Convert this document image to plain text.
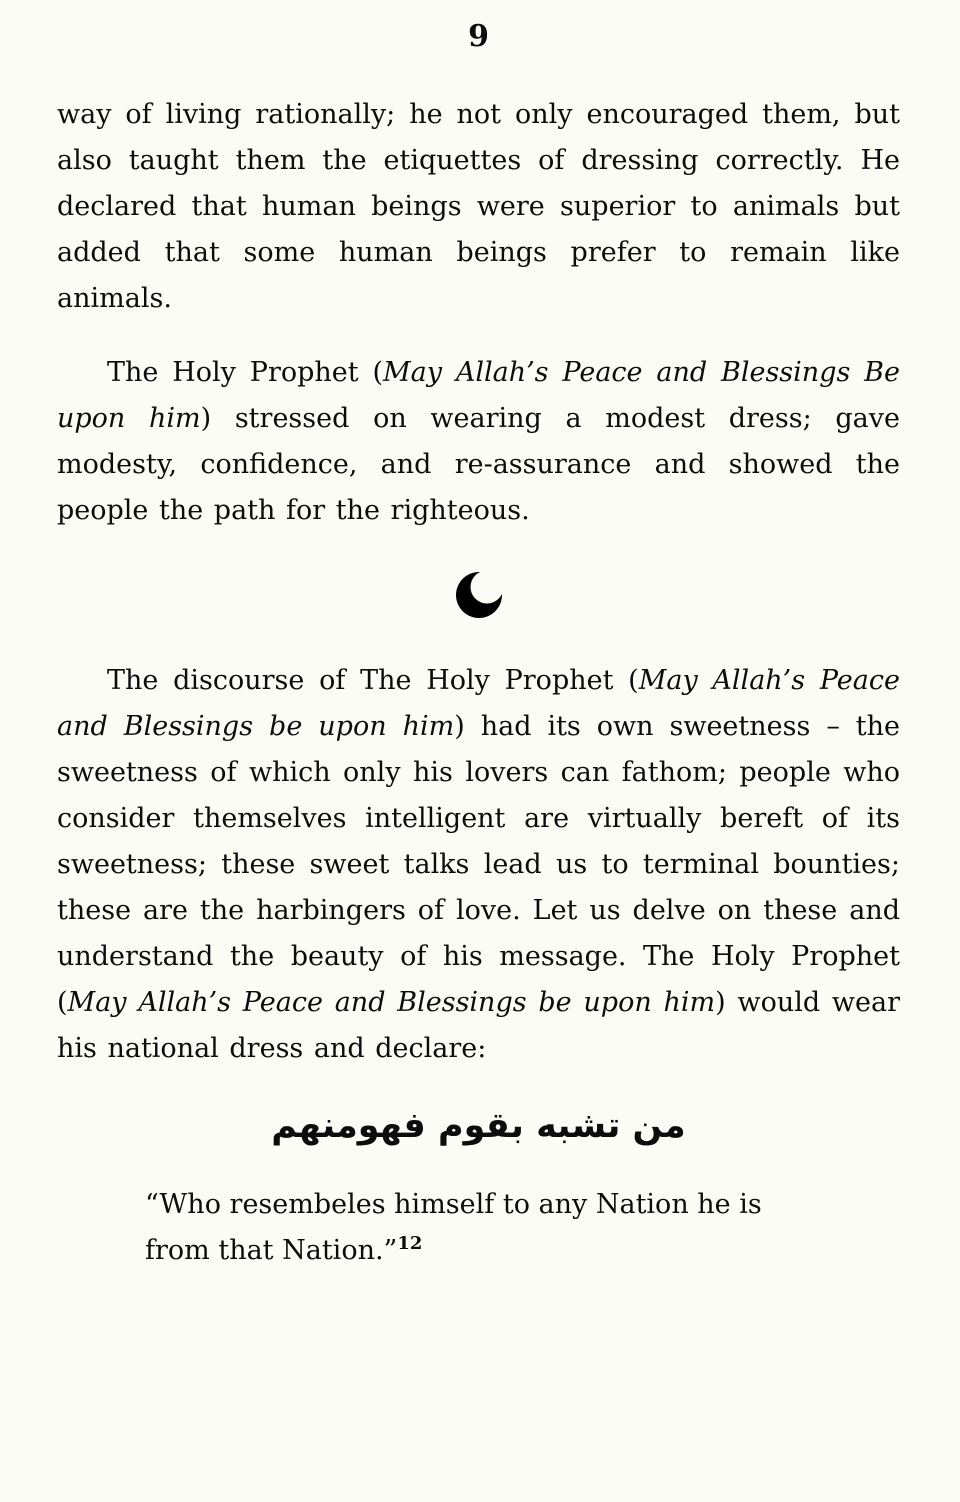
9

way of living rationally; he not only encouraged them, but also taught them the etiquettes of dressing correctly. He declared that human beings were superior to animals but added that some human beings prefer to remain like animals.

The Holy Prophet (May Allah’s Peace and Blessings Be upon him) stressed on wearing a modest dress; gave modesty, confidence, and re-assurance and showed the people the path for the righteous.

The discourse of The Holy Prophet (May Allah’s Peace and Blessings be upon him) had its own sweetness – the sweetness of which only his lovers can fathom; people who consider themselves intelligent are virtually bereft of its sweetness; these sweet talks lead us to terminal bounties; these are the harbingers of love. Let us delve on these and understand the beauty of his message. The Holy Prophet (May Allah’s Peace and Blessings be upon him) would wear his national dress and declare:

من تشبه بقوم فهومنهم

“Who resembeles himself to any Nation he is from that Nation.”$^{12}$
